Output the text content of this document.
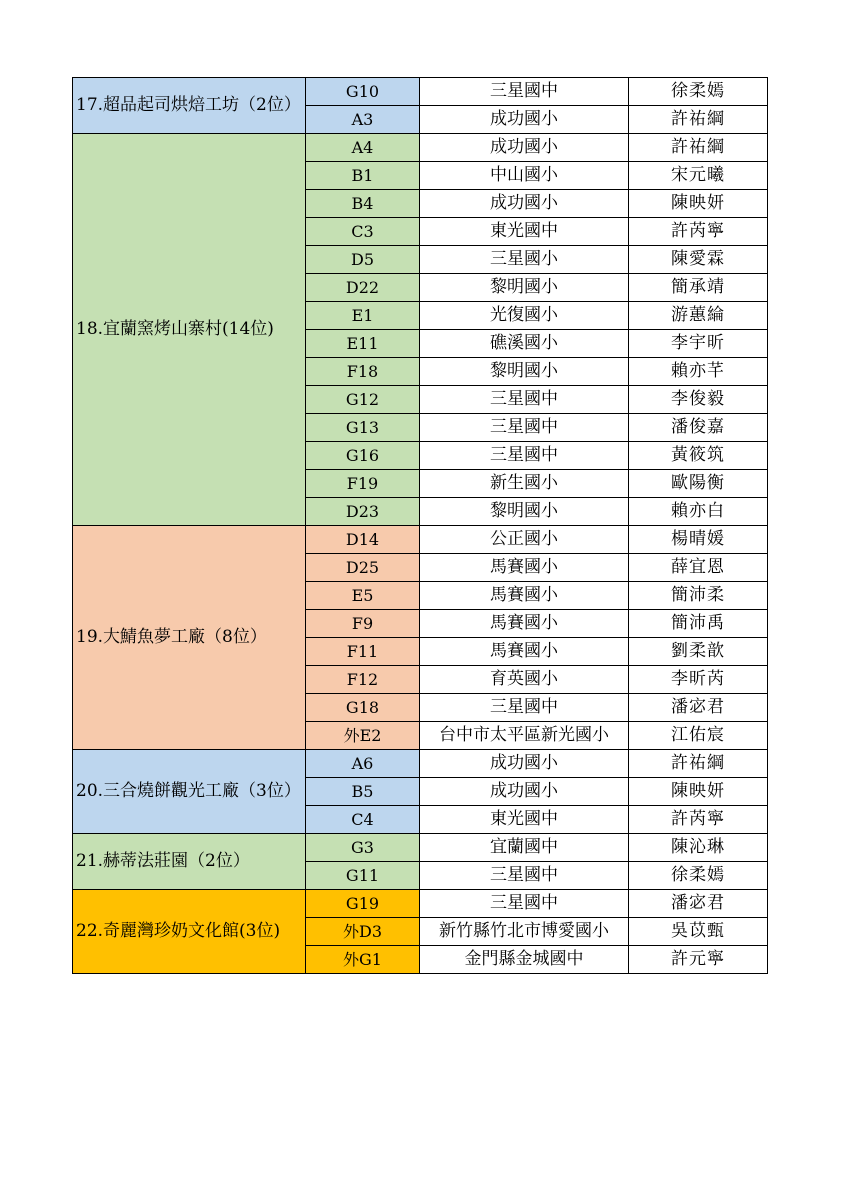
17.超品起司烘焙工坊（2位）	G10	三星國中	徐柔嫣
	A3	成功國小	許祐綱
18.宜蘭窯烤山寨村(14位)	A4	成功國小	許祐綱
	B1	中山國小	宋元曦
	B4	成功國小	陳映妍
	C3	東光國中	許芮寧
	D5	三星國小	陳愛霖
	D22	黎明國小	簡承靖
	E1	光復國小	游蕙綸
	E11	礁溪國小	李宇昕
	F18	黎明國小	賴亦芊
	G12	三星國中	李俊毅
	G13	三星國中	潘俊嘉
	G16	三星國中	黃筱筑
	F19	新生國小	歐陽衡
	D23	黎明國小	賴亦白
19.大鯖魚夢工廠（8位）	D14	公正國小	楊晴媛
	D25	馬賽國小	薛宜恩
	E5	馬賽國小	簡沛柔
	F9	馬賽國小	簡沛禹
	F11	馬賽國小	劉柔歆
	F12	育英國小	李昕芮
	G18	三星國中	潘宓君
	外E2	台中市太平區新光國小	江佑宸
20.三合燒餅觀光工廠（3位）	A6	成功國小	許祐綱
	B5	成功國小	陳映妍
	C4	東光國中	許芮寧
21.赫蒂法莊園（2位）	G3	宜蘭國中	陳沁琳
	G11	三星國中	徐柔嫣
22.奇麗灣珍奶文化館(3位)	G19	三星國中	潘宓君
	外D3	新竹縣竹北市博愛國小	吳苡甄
	外G1	金門縣金城國中	許元寧
